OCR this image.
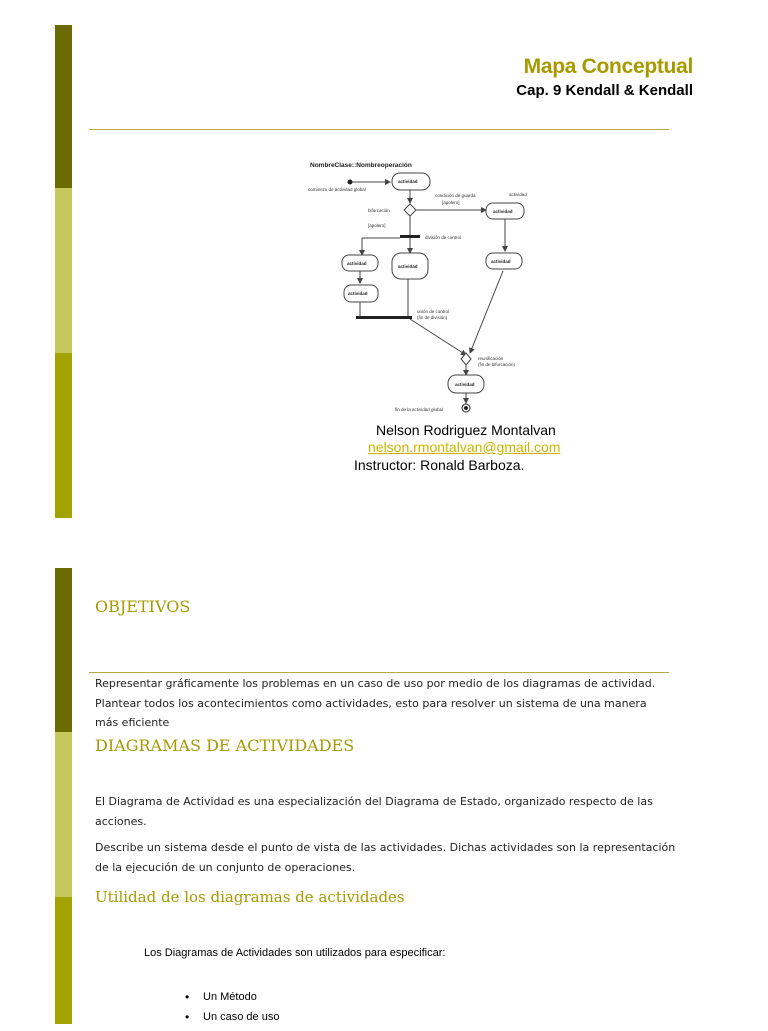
Mapa Conceptual
Cap. 9 Kendall & Kendall
NombreClase::Nombreoperación
comienzo de actividad global
bifurcación
condición de guarda
[apolero]
[apolero]
actividad
división de control
unión de control
(fin de división)
reunificación
(fin de bifurcación)
fin de la actividad global
actividad
actividad
actividad
actividad
actividad
actividad
actividad
Nelson Rodriguez Montalvan
nelson.rmontalvan@gmail.com
Instructor: Ronald Barboza.
OBJETIVOS

Representar gráficamente los problemas en un caso de uso por medio de los diagramas de actividad.

Plantear todos los acontecimientos como actividades, esto para resolver un sistema de una manera

más eficiente

DIAGRAMAS DE ACTIVIDADES

El Diagrama de Actividad es una especialización del Diagrama de Estado, organizado respecto de las

acciones.

Describe un sistema desde el punto de vista de las actividades. Dichas actividades son la representación

de la ejecución de un conjunto de operaciones.

Utilidad de los diagramas de actividades
Los Diagramas de Actividades son utilizados para especificar:
• Un Método
• Un caso de uso
